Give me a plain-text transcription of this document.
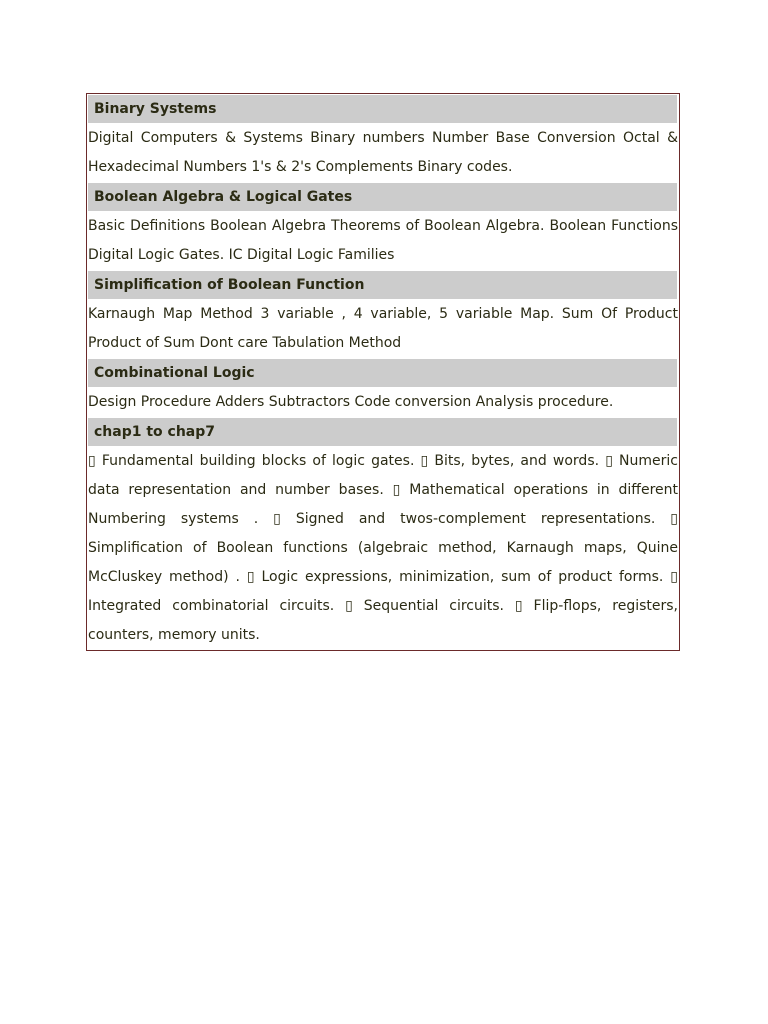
Binary Systems

Digital Computers & Systems Binary numbers Number Base Conversion Octal & Hexadecimal Numbers 1's & 2's Complements Binary codes.

Boolean Algebra & Logical Gates

Basic Definitions Boolean Algebra Theorems of Boolean Algebra. Boolean Functions Digital Logic Gates. IC Digital Logic Families

Simplification of Boolean Function

Karnaugh Map Method 3 variable , 4 variable, 5 variable Map. Sum Of Product Product of Sum Dont care Tabulation Method

Combinational Logic

Design Procedure Adders Subtractors Code conversion Analysis procedure.

chap1 to chap7

▯ Fundamental building blocks of logic gates. ▯ Bits, bytes, and words. ▯ Numeric data representation and number bases. ▯ Mathematical operations in different Numbering systems . ▯ Signed and twos-complement representations. ▯ Simplification of Boolean functions (algebraic method, Karnaugh maps, Quine McCluskey method) . ▯ Logic expressions, minimization, sum of product forms. ▯ Integrated combinatorial circuits. ▯ Sequential circuits. ▯ Flip-flops, registers, counters, memory units.
